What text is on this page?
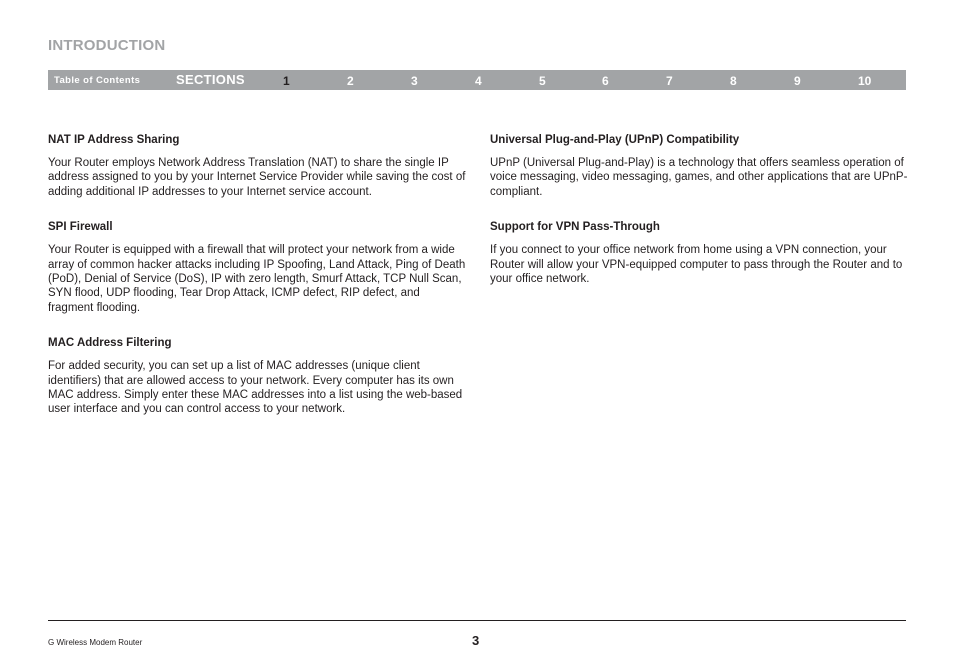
INTRODUCTION
Table of Contents	SECTIONS	1	2	3	4	5	6	7	8	9	10
NAT IP Address Sharing
Your Router employs Network Address Translation (NAT) to share the single IP address assigned to you by your Internet Service Provider while saving the cost of adding additional IP addresses to your Internet service account.
SPI Firewall
Your Router is equipped with a firewall that will protect your network from a wide array of common hacker attacks including IP Spoofing, Land Attack, Ping of Death (PoD), Denial of Service (DoS), IP with zero length, Smurf Attack, TCP Null Scan, SYN flood, UDP flooding, Tear Drop Attack, ICMP defect, RIP defect, and fragment flooding.
MAC Address Filtering
For added security, you can set up a list of MAC addresses (unique client identifiers) that are allowed access to your network. Every computer has its own MAC address. Simply enter these MAC addresses into a list using the web-based user interface and you can control access to your network.
Universal Plug-and-Play (UPnP) Compatibility
UPnP (Universal Plug-and-Play) is a technology that offers seamless operation of voice messaging, video messaging, games, and other applications that are UPnP-compliant.
Support for VPN Pass-Through
If you connect to your office network from home using a VPN connection, your Router will allow your VPN-equipped computer to pass through the Router and to your office network.
G Wireless Modem Router	3
